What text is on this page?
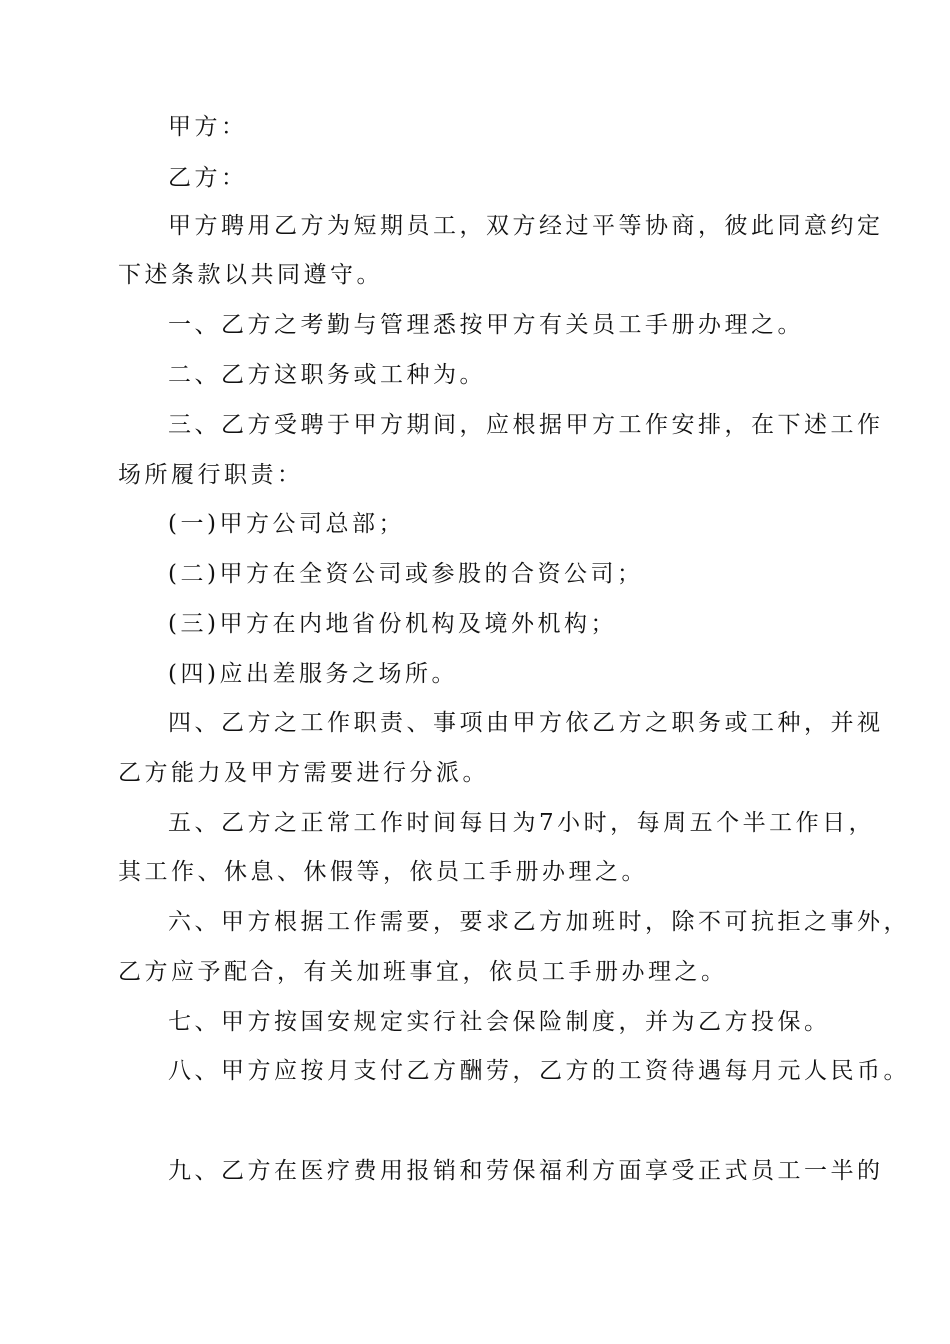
甲方：
乙方：
甲方聘用乙方为短期员工，双方经过平等协商，彼此同意约定
下述条款以共同遵守。
一、乙方之考勤与管理悉按甲方有关员工手册办理之。
二、乙方这职务或工种为。
三、乙方受聘于甲方期间，应根据甲方工作安排，在下述工作
场所履行职责：
(一)甲方公司总部；
(二)甲方在全资公司或参股的合资公司；
(三)甲方在内地省份机构及境外机构；
(四)应出差服务之场所。
四、乙方之工作职责、事项由甲方依乙方之职务或工种，并视
乙方能力及甲方需要进行分派。
五、乙方之正常工作时间每日为7小时，每周五个半工作日，
其工作、休息、休假等，依员工手册办理之。
六、甲方根据工作需要，要求乙方加班时，除不可抗拒之事外，
乙方应予配合，有关加班事宜，依员工手册办理之。
七、甲方按国安规定实行社会保险制度，并为乙方投保。
八、甲方应按月支付乙方酬劳，乙方的工资待遇每月元人民币。
九、乙方在医疗费用报销和劳保福利方面享受正式员工一半的
